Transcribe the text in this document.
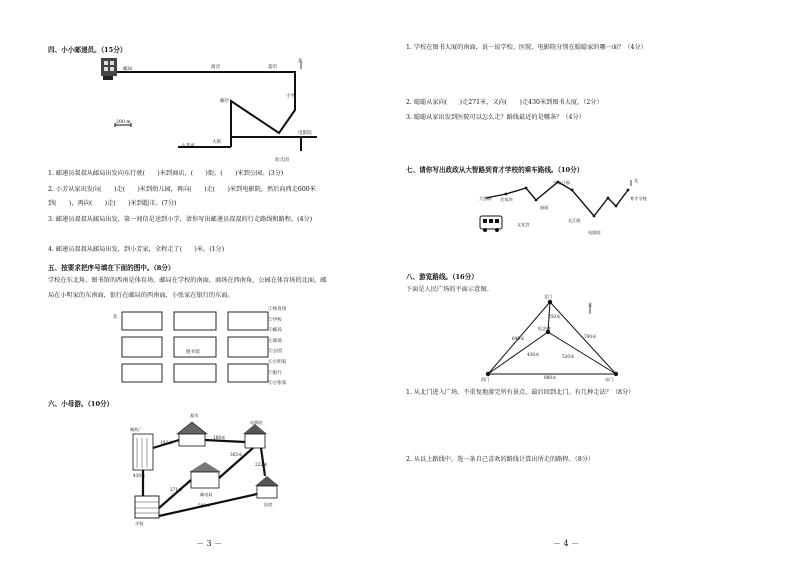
四、小小邮递员。（15分）
邮局	商店	超市
北
小学
邮亭
电影院
大街
小芳家
幼儿园
200 m
1. 邮递员叔叔从邮局出发向东行驶(　　)米到商店，(　　)街，(　　)米到公园。(3分)
2. 小芳从家出发向(　　)走(　　)米到幼儿园，再向(　　)走(　　)米到电影院，然后向西走600米
到(　　)，再向(　　)走(　　)米到超市。(7分)
3. 邮递员叔叔从邮局出发，第一间信是送到小学，请你写出邮递员叔叔的行走路线和路程。(4分)
4. 邮递员叔叔从邮局出发，到小芳家，全程走了(　　)米。(1分)
五、按要求把序号填在下面的图中。（8分）
学校在东北角，图书馆的西南是体育场，邮局在学校的南面，商场在西南角，公园在体育场的北面，邮
局在小明家的东南面，银行在邮局的西南面，小张家在银行的东面。
图书馆
北
①体育场
②学校
③邮局
④商场
⑤公园
⑥小明家
⑦银行
⑧小张家
六、小母游。（10分）
制药厂
超市
电影院
邮电局
医院
学校
102米
188米
305米
222米
430米
271米
500米
－ 3 －
1. 学校在图书大厦的南面，说一说学校、医院、电影院分别在聪聪家的哪一面？（4分）
2. 聪聪从家向(　　)走271米，又向(　　)走430米到图书大厦。（2分）
3. 聪聪从家出发到医院可以怎么走？路线最近的是哪条？（4分）
七、请你写出政政从大智路到育才学校的乘车路线。（10分）
大智路 毛家坝
中山公园
丽园
文化宫
长江路
电影院
育才学校
北
八、游览路线。（16分）
下面是人民广场的平面示意图。
北门
北
纪念碑
西门	东门
250米
640米	700米
430米	520米
880米
1. 从北门进入广场，不重复地游完所有景点，最后回到北门。有几种走法？（8分）
2. 从以上路线中，选一条自己喜欢的路线计算出所走的路程。（8分）
－ 4 －
